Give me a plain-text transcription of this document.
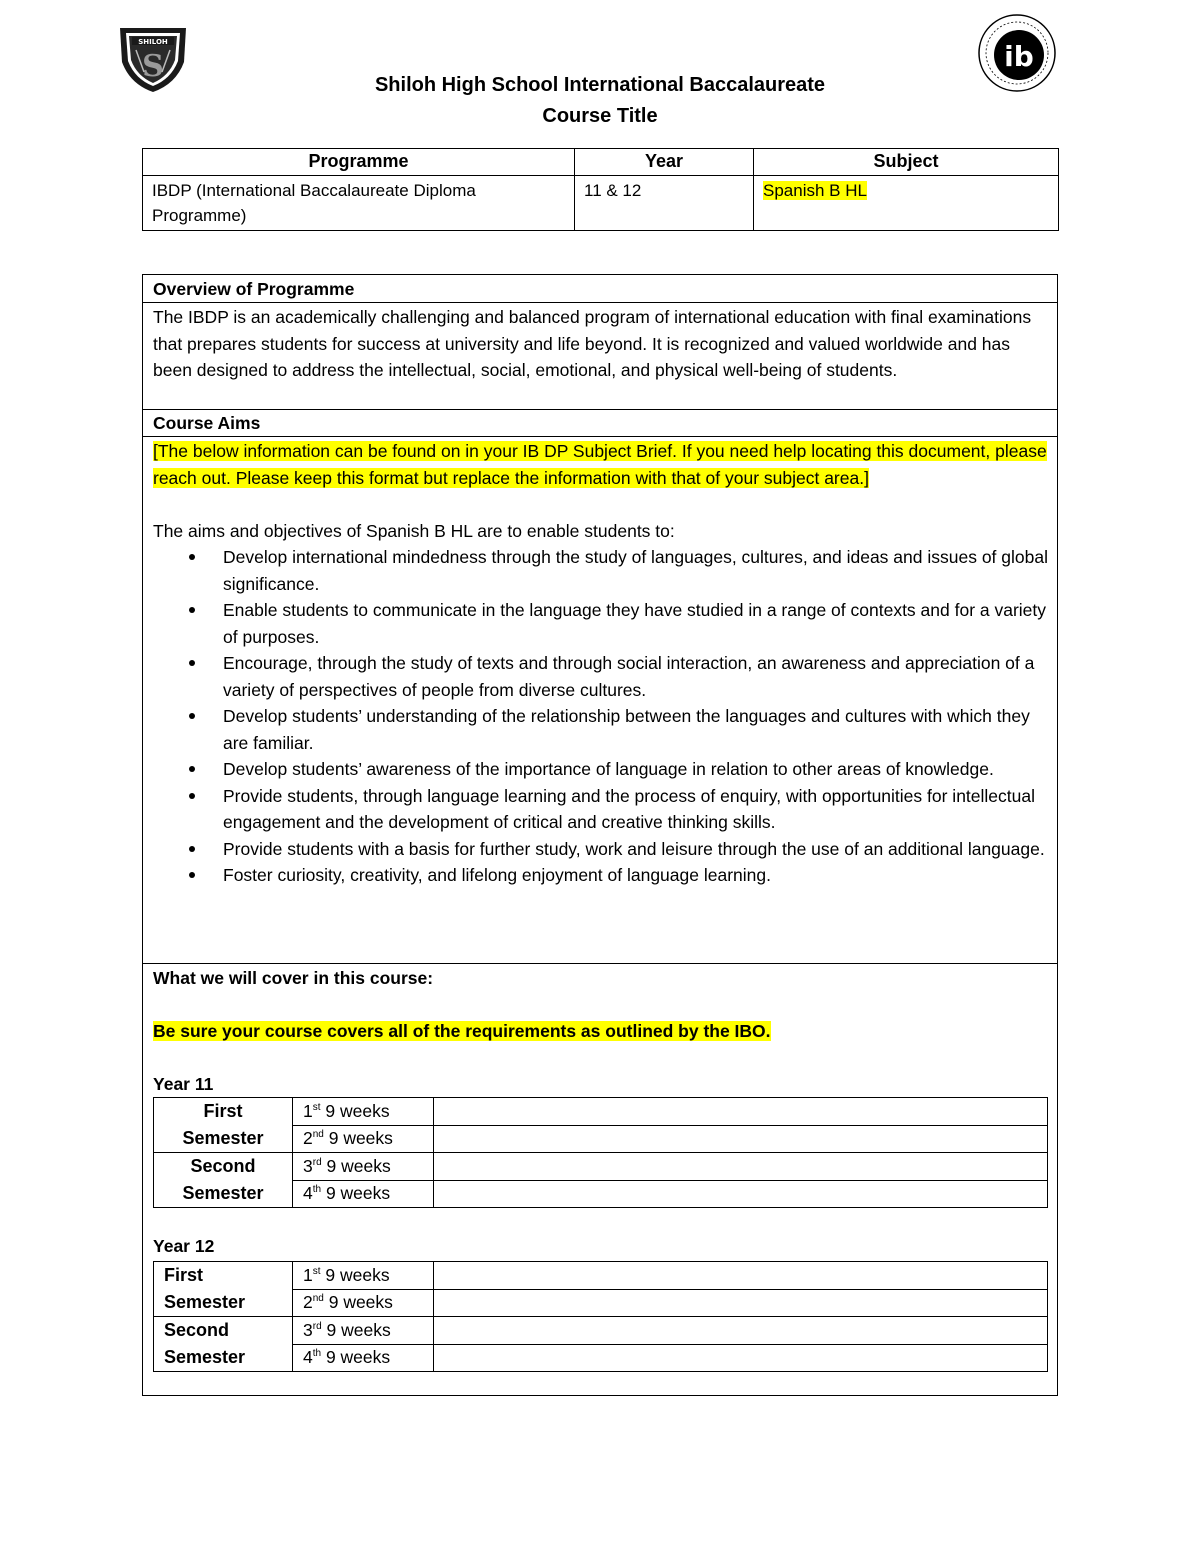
SHILOH
S	ib
Shiloh High School International Baccalaureate
Course Title
Programme	Year	Subject
IBDP (International Baccalaureate Diploma Programme)	11 & 12	Spanish B HL
Overview of Programme
The IBDP is an academically challenging and balanced program of international education with final examinations that prepares students for success at university and life beyond. It is recognized and valued worldwide and has been designed to address the intellectual, social, emotional, and physical well-being of students.
Course Aims
[The below information can be found on in your IB DP Subject Brief. If you need help locating this document, please reach out. Please keep this format but replace the information with that of your subject area.]
The aims and objectives of Spanish B HL are to enable students to:
Develop international mindedness through the study of languages, cultures, and ideas and issues of global significance.
Enable students to communicate in the language they have studied in a range of contexts and for a variety of purposes.
Encourage, through the study of texts and through social interaction, an awareness and appreciation of a variety of perspectives of people from diverse cultures.
Develop students’ understanding of the relationship between the languages and cultures with which they are familiar.
Develop students’ awareness of the importance of language in relation to other areas of knowledge.
Provide students, through language learning and the process of enquiry, with opportunities for intellectual engagement and the development of critical and creative thinking skills.
Provide students with a basis for further study, work and leisure through the use of an additional language.
Foster curiosity, creativity, and lifelong enjoyment of language learning.
What we will cover in this course:
Be sure your course covers all of the requirements as outlined by the IBO.
Year 11
First Semester	1st 9 weeks	
	2nd 9 weeks	
Second Semester	3rd 9 weeks	
	4th 9 weeks	
Year 12
First Semester	1st 9 weeks	
	2nd 9 weeks	
Second Semester	3rd 9 weeks	
	4th 9 weeks	
